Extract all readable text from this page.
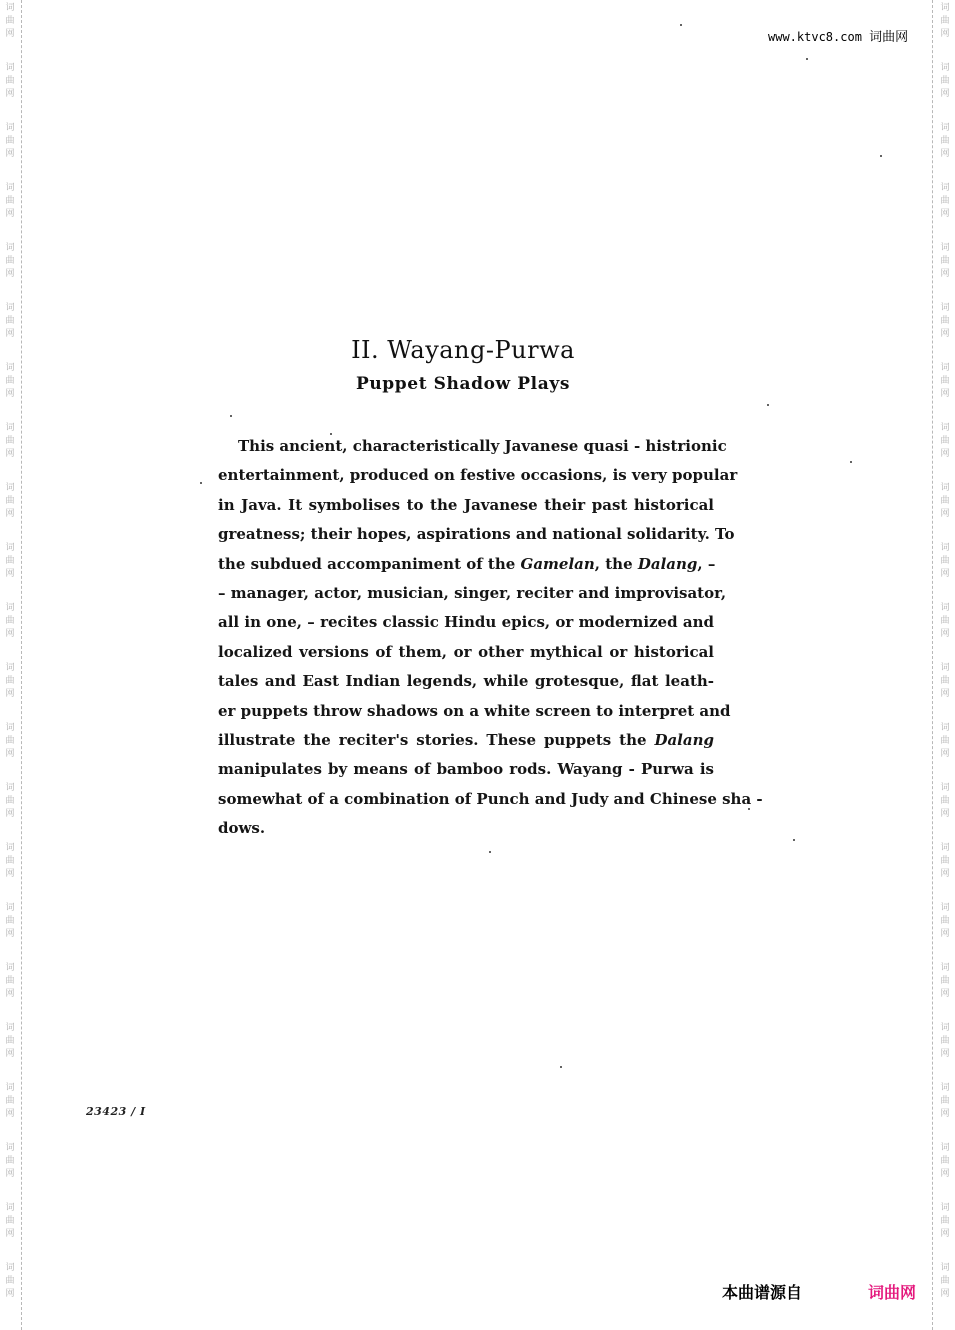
词
曲
网
词
曲
网
词
曲
网
词
曲
网
词
曲
网
词
曲
网
词
曲
网
词
曲
网
词
曲
网
词
曲
网
词
曲
网
词
曲
网
词
曲
网
词
曲
网
词
曲
网
词
曲
网
词
曲
网
词
曲
网
词
曲
网
词
曲
网
词
曲
网
词
曲
网
词
曲
网
词
曲
网
词
曲
网
词
曲
网
词
曲
网
词
曲
网
词
曲
网
词
曲
网
词
曲
网
词
曲
网
词
曲
网
词
曲
网
词
曲
网
词
曲
网
词
曲
网
词
曲
网
词
曲
网
词
曲
网
词
曲
网
词
曲
网
词
曲
网
词
曲
网
www.ktvc8.com 词曲网
II. Wayang-Purwa
Puppet Shadow Plays
This ancient, characteristically Javanese quasi - histrionic
entertainment, produced on festive occasions, is very popular
in Java. It symbolises to the Javanese their past historical
greatness; their hopes, aspirations and national solidarity. To
the subdued accompaniment of the Gamelan, the Dalang, –
– manager, actor, musician, singer, reciter and improvisator,
all in one, – recites classic Hindu epics, or modernized and
localized versions of them, or other mythical or historical
tales and East Indian legends, while grotesque, flat leath-
er puppets throw shadows on a white screen to interpret and
illustrate the reciter's stories. These puppets the Dalang
manipulates by means of bamboo rods. Wayang - Purwa is
somewhat of a combination of Punch and Judy and Chinese sha -
dows.
23423 / I
本曲谱源自	词曲网
